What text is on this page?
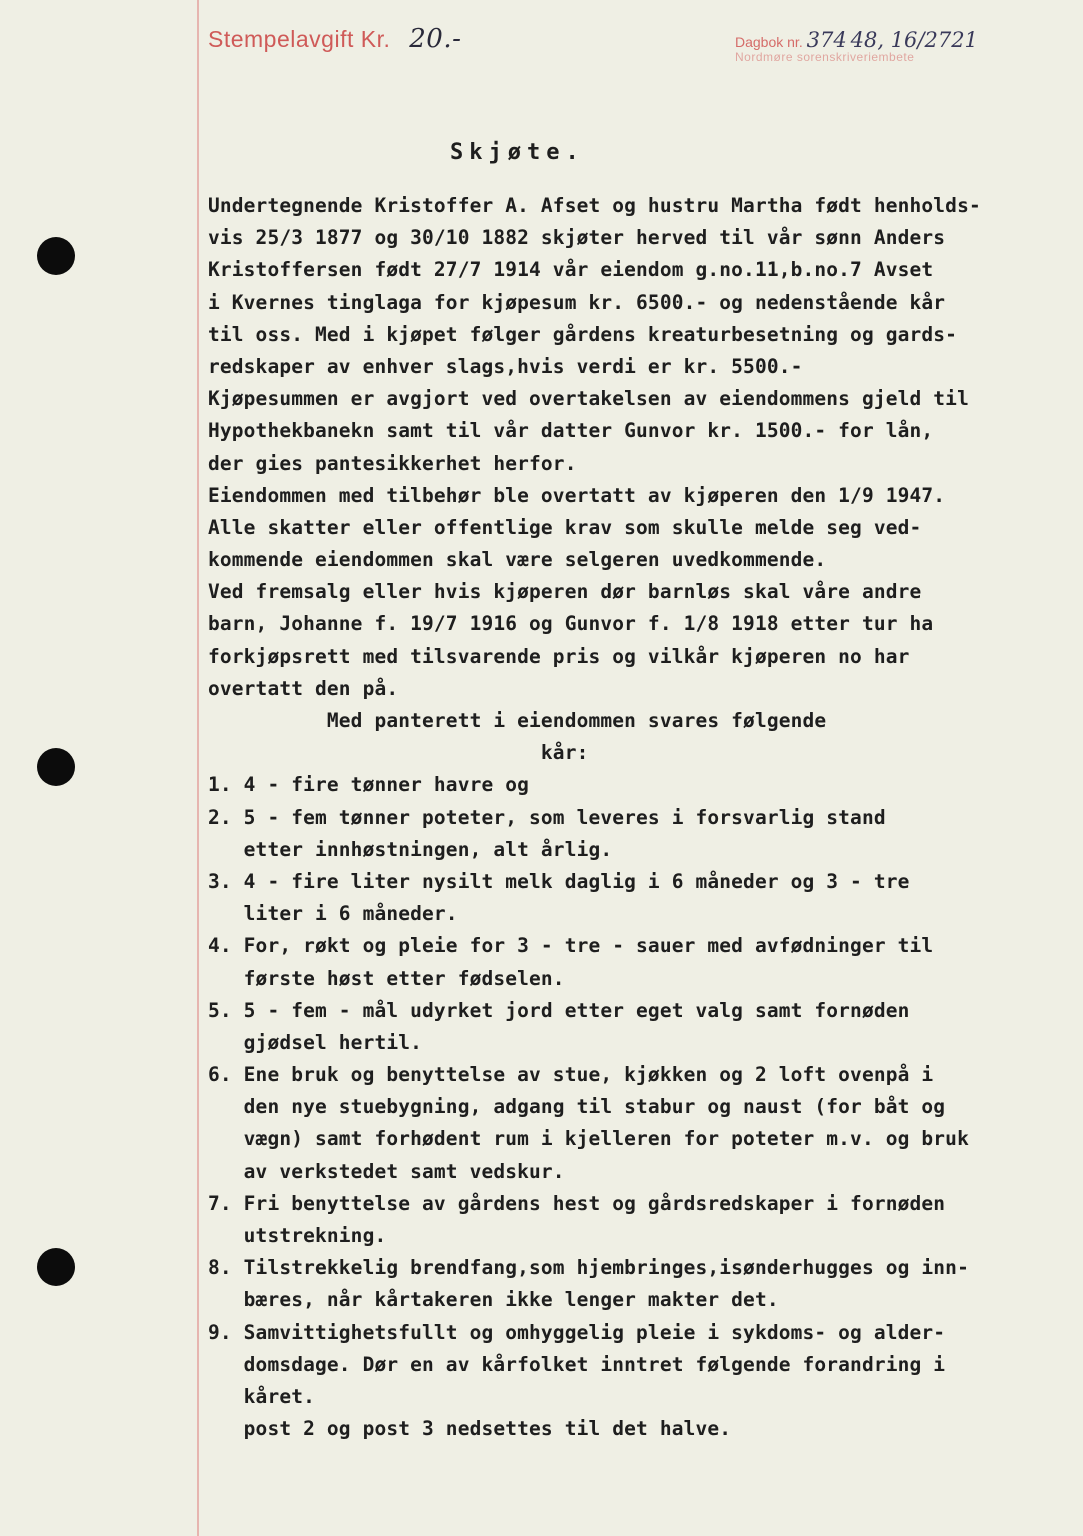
Stempelavgift Kr. 20.-	Dagbok nr. 374 48, 16/2721
Nordmøre sorenskriveriembete
Skjøte.
Undertegnende Kristoffer A. Afset og hustru Martha født henholds-
vis 25/3 1877 og 30/10 1882 skjøter herved til vår sønn Anders
Kristoffersen født 27/7 1914 vår eiendom g.no.11,b.no.7 Avset
i Kvernes tinglaga for kjøpesum kr. 6500.- og nedenstående kår
til oss. Med i kjøpet følger gårdens kreaturbesetning og gards-
redskaper av enhver slags,hvis verdi er kr. 5500.-
Kjøpesummen er avgjort ved overtakelsen av eiendommens gjeld til
Hypothekbanekn samt til vår datter Gunvor kr. 1500.- for lån,
der gies pantesikkerhet herfor.
Eiendommen med tilbehør ble overtatt av kjøperen den 1/9 1947.
Alle skatter eller offentlige krav som skulle melde seg ved-
kommende eiendommen skal være selgeren uvedkommende.
Ved fremsalg eller hvis kjøperen dør barnløs skal våre andre
barn, Johanne f. 19/7 1916 og Gunvor f. 1/8 1918 etter tur ha
forkjøpsrett med tilsvarende pris og vilkår kjøperen no har
overtatt den på.
Med panterett i eiendommen svares følgende
kår:
1. 4 - fire tønner havre og
2. 5 - fem tønner poteter, som leveres i forsvarlig stand
etter innhøstningen, alt årlig.
3. 4 - fire liter nysilt melk daglig i 6 måneder og 3 - tre
liter i 6 måneder.
4. For, røkt og pleie for 3 - tre - sauer med avfødninger til
første høst etter fødselen.
5. 5 - fem - mål udyrket jord etter eget valg samt fornøden
gjødsel hertil.
6. Ene bruk og benyttelse av stue, kjøkken og 2 loft ovenpå i
den nye stuebygning, adgang til stabur og naust (for båt og
vægn) samt forhødent rum i kjelleren for poteter m.v. og bruk
av verkstedet samt vedskur.
7. Fri benyttelse av gårdens hest og gårdsredskaper i fornøden
utstrekning.
8. Tilstrekkelig brendfang,som hjembringes,isønderhugges og inn-
bæres, når kårtakeren ikke lenger makter det.
9. Samvittighetsfullt og omhyggelig pleie i sykdoms- og alder-
domsdage. Dør en av kårfolket inntret følgende forandring i
kåret.
post 2 og post 3 nedsettes til det halve.
